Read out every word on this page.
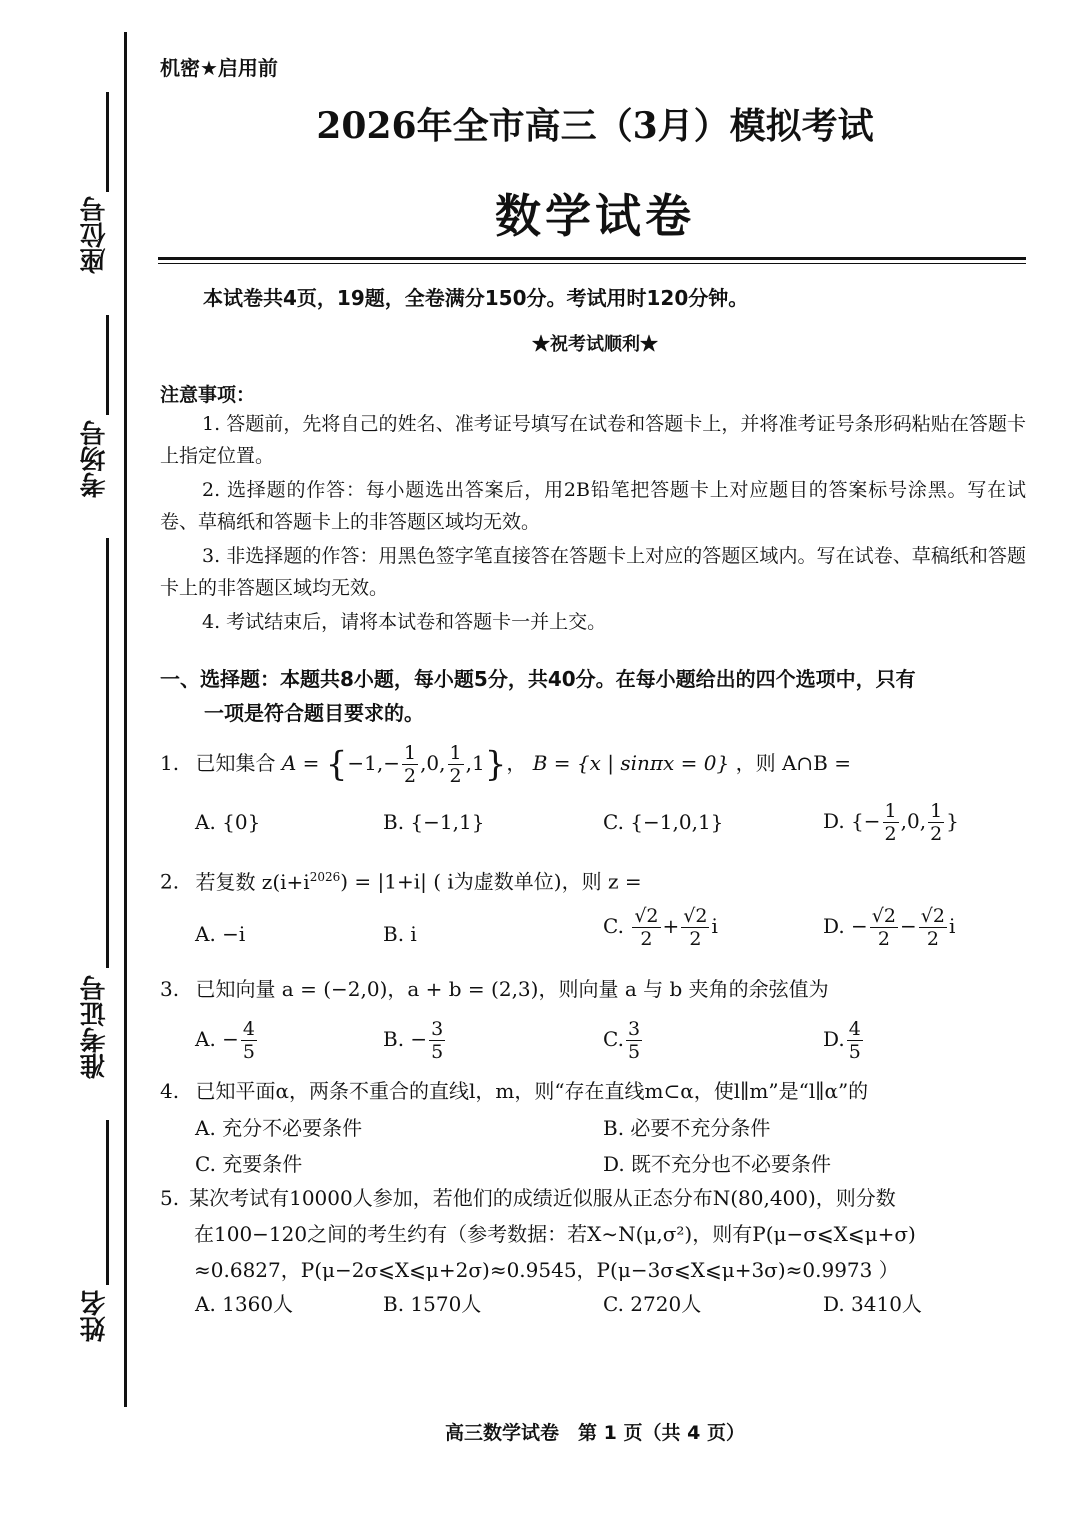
座位号
考场号
准考证号
姓名
机密★启用前
2026年全市高三（3月）模拟考试
数学试卷
本试卷共4页，19题，全卷满分150分。考试用时120分钟。
★祝考试顺利★
注意事项：
1. 答题前，先将自己的姓名、准考证号填写在试卷和答题卡上，并将准考证号条形码粘贴在答题卡上指定位置。
2. 选择题的作答：每小题选出答案后，用2B铅笔把答题卡上对应题目的答案标号涂黑。写在试卷、草稿纸和答题卡上的非答题区域均无效。
3. 非选择题的作答：用黑色签字笔直接答在答题卡上对应的答题区域内。写在试卷、草稿纸和答题卡上的非答题区域均无效。
4. 考试结束后，请将本试卷和答题卡一并上交。
一、选择题：本题共8小题，每小题5分，共40分。在每小题给出的四个选项中，只有
一项是符合题目要求的。
1. 已知集合 $A = \{-1,- \frac{1}{2} ,0$, $\frac{1}{2} ,1$}， B = {x | sinπx = 0} ，则 A∩B =
A. {0}	B. {−1,1}	C. {−1,0,1}	D. {− $\frac{1}{2} ,0$, $\frac{1}{2}$ }
2. 若复数 $z(i+i^{2026}) = |1+i|$ ( i为虚数单位)，则 z =
A. −i	B. i	C. $\frac{√2}{2} + \frac{√2}{2}$ i	D. − $\frac{√2}{2} - \frac{√2}{2}$ i
3. 已知向量 a = (−2,0)，a + b = (2,3)，则向量 a 与 b 夹角的余弦值为
A. − $\frac{4}{5}$	B. − $\frac{3}{5}$	C. $\frac{3}{5}$	D. $\frac{4}{5}$
4. 已知平面α，两条不重合的直线l，m，则“存在直线m⊂α，使l∥m”是“l∥α”的
A. 充分不必要条件	B. 必要不充分条件
C. 充要条件	D. 既不充分也不必要条件
5. 某次考试有10000人参加，若他们的成绩近似服从正态分布N(80,400)，则分数
在100−120之间的考生约有（参考数据：若X∼N(μ,σ²)，则有P(μ−σ⩽X⩽μ+σ)
≈0.6827，P(μ−2σ⩽X⩽μ+2σ)≈0.9545，P(μ−3σ⩽X⩽μ+3σ)≈0.9973 ）
A. 1360人	B. 1570人	C. 2720人	D. 3410人
高三数学试卷　第 1 页（共 4 页）
